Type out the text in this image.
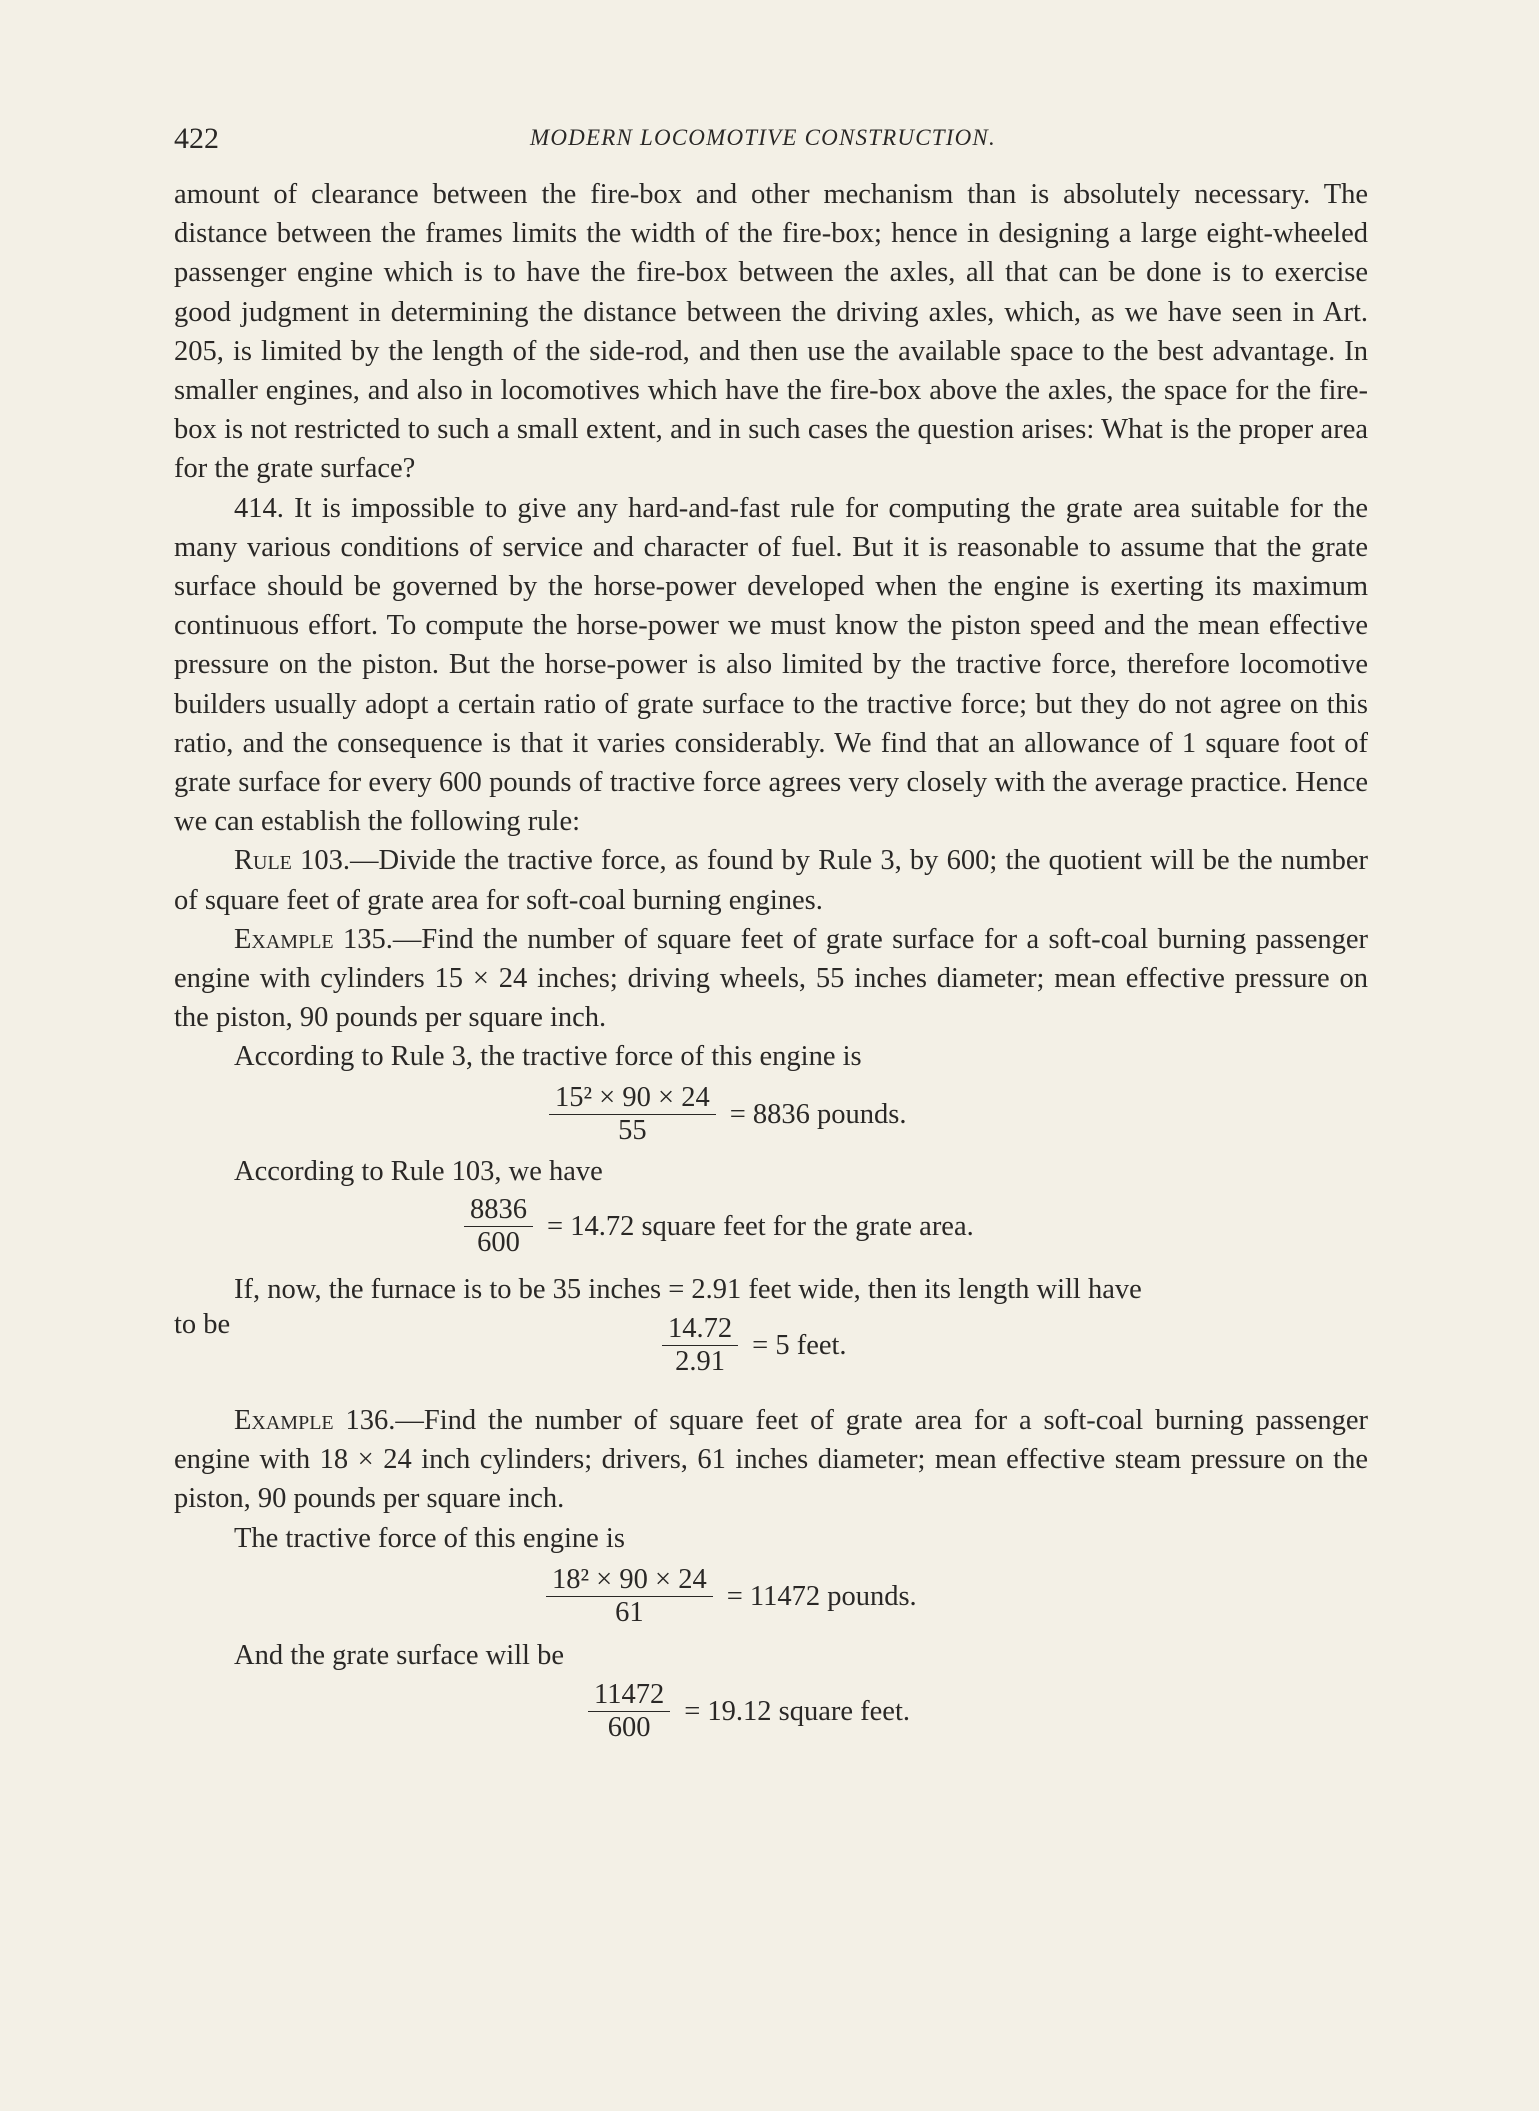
422	MODERN LOCOMOTIVE CONSTRUCTION.

amount of clearance between the fire-box and other mechanism than is absolutely necessary. The distance between the frames limits the width of the fire-box; hence in designing a large eight-wheeled passenger engine which is to have the fire-box between the axles, all that can be done is to exercise good judgment in determining the distance between the driving axles, which, as we have seen in Art. 205, is limited by the length of the side-rod, and then use the available space to the best advantage. In smaller engines, and also in locomotives which have the fire-box above the axles, the space for the fire-box is not restricted to such a small extent, and in such cases the question arises: What is the proper area for the grate surface?

414. It is impossible to give any hard-and-fast rule for computing the grate area suitable for the many various conditions of service and character of fuel. But it is reasonable to assume that the grate surface should be governed by the horse-power developed when the engine is exerting its maximum continuous effort. To compute the horse-power we must know the piston speed and the mean effective pressure on the piston. But the horse-power is also limited by the tractive force, therefore locomotive builders usually adopt a certain ratio of grate surface to the tractive force; but they do not agree on this ratio, and the consequence is that it varies considerably. We find that an allowance of 1 square foot of grate surface for every 600 pounds of tractive force agrees very closely with the average practice. Hence we can establish the following rule:

Rule 103.—Divide the tractive force, as found by Rule 3, by 600; the quotient will be the number of square feet of grate area for soft-coal burning engines.

Example 135.—Find the number of square feet of grate surface for a soft-coal burning passenger engine with cylinders 15 × 24 inches; driving wheels, 55 inches diameter; mean effective pressure on the piston, 90 pounds per square inch.

According to Rule 3, the tractive force of this engine is

$\frac{\text{15² × 90 × 24}}{55} = 8836$ pounds.

According to Rule 103, we have

$\frac{8836}{600} = 14.72$ square feet for the grate area.

If, now, the furnace is to be 35 inches = 2.91 feet wide, then its length will have

to be	$\frac{14.72}{2.91} = 5$ feet.

Example 136.—Find the number of square feet of grate area for a soft-coal burning passenger engine with 18 × 24 inch cylinders; drivers, 61 inches diameter; mean effective steam pressure on the piston, 90 pounds per square inch.

The tractive force of this engine is

$\frac{\text{18² × 90 × 24}}{61} = 11472$ pounds.

And the grate surface will be

$\frac{11472}{600} = 19.12$ square feet.
